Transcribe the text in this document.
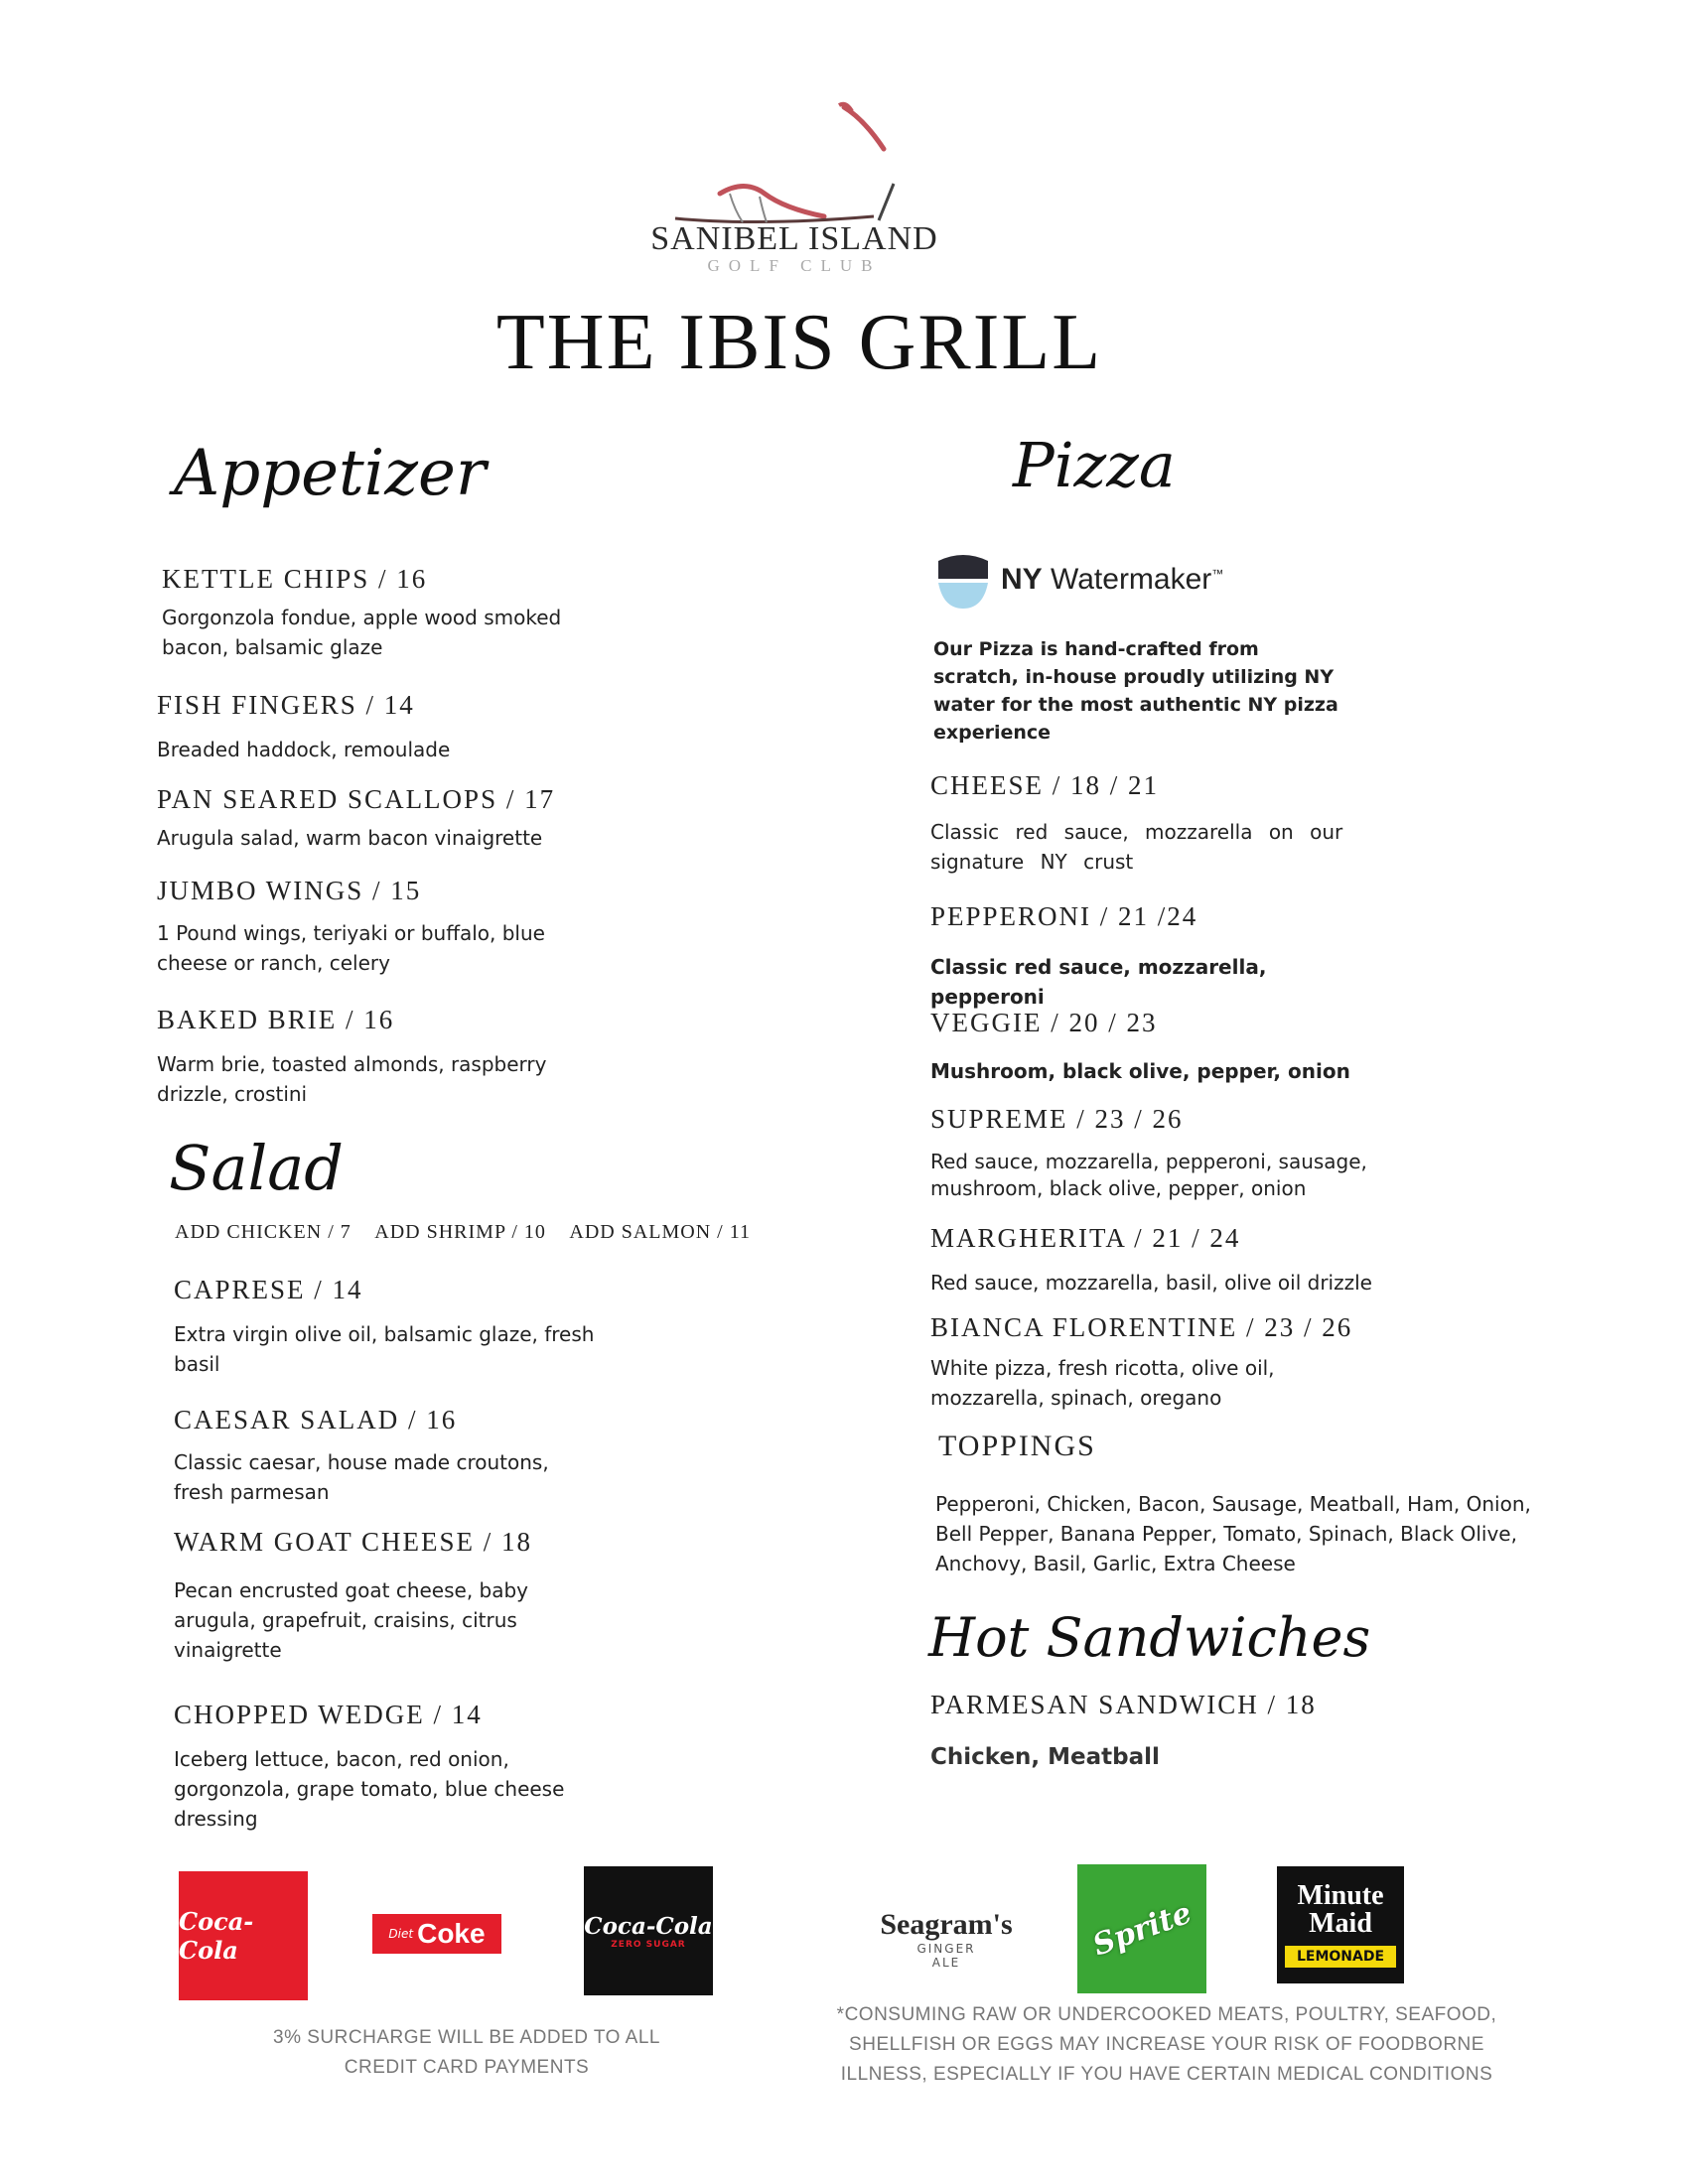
SANIBEL ISLAND
GOLF CLUB
THE IBIS GRILL
Appetizer
KETTLE CHIPS / 16
Gorgonzola fondue, apple wood smoked bacon, balsamic glaze
FISH FINGERS / 14
Breaded haddock, remoulade
PAN SEARED SCALLOPS / 17
Arugula salad, warm bacon vinaigrette
JUMBO WINGS / 15
1 Pound wings, teriyaki or buffalo, blue cheese or ranch, celery
BAKED BRIE / 16
Warm brie, toasted almonds, raspberry drizzle, crostini
Salad
ADD CHICKEN / 7 ADD SHRIMP / 10 ADD SALMON / 11
CAPRESE / 14
Extra virgin olive oil, balsamic glaze, fresh basil
CAESAR SALAD / 16
Classic caesar, house made croutons, fresh parmesan
WARM GOAT CHEESE / 18
Pecan encrusted goat cheese, baby arugula, grapefruit, craisins, citrus vinaigrette
CHOPPED WEDGE / 14
Iceberg lettuce, bacon, red onion, gorgonzola, grape tomato, blue cheese dressing
Pizza
NY Watermaker™
Our Pizza is hand-crafted from scratch, in-house proudly utilizing NY water for the most authentic NY pizza experience
CHEESE / 18 / 21
Classic red sauce, mozzarella on our signature NY crust
PEPPERONI / 21 /24
Classic red sauce, mozzarella, pepperoni
VEGGIE / 20 / 23
Mushroom, black olive, pepper, onion
SUPREME / 23 / 26
Red sauce, mozzarella, pepperoni, sausage, mushroom, black olive, pepper, onion
MARGHERITA / 21 / 24
Red sauce, mozzarella, basil, olive oil drizzle
BIANCA FLORENTINE / 23 / 26
White pizza, fresh ricotta, olive oil, mozzarella, spinach, oregano
TOPPINGS
Pepperoni, Chicken, Bacon, Sausage, Meatball, Ham, Onion, Bell Pepper, Banana Pepper, Tomato, Spinach, Black Olive, Anchovy, Basil, Garlic, Extra Cheese
Hot Sandwiches
PARMESAN SANDWICH / 18
Chicken, Meatball
Coca-Cola
Diet Coke	Coca-Cola
ZERO SUGAR
Seagram's
GINGER ALE	Sprite	Minute
Maid
LEMONADE
3% SURCHARGE WILL BE ADDED TO ALL CREDIT CARD PAYMENTS
*CONSUMING RAW OR UNDERCOOKED MEATS, POULTRY, SEAFOOD, SHELLFISH OR EGGS MAY INCREASE YOUR RISK OF FOODBORNE ILLNESS, ESPECIALLY IF YOU HAVE CERTAIN MEDICAL CONDITIONS
